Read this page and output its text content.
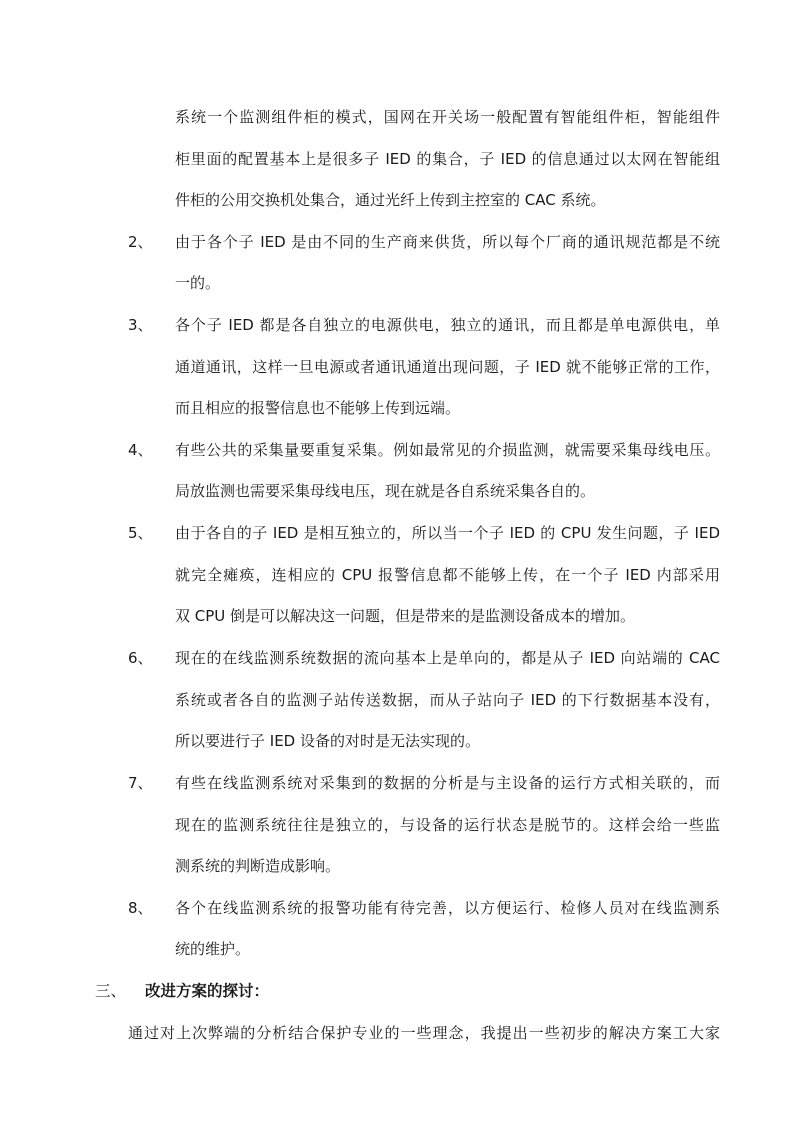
系统一个监测组件柜的模式，国网在开关场一般配置有智能组件柜，智能组件
柜里面的配置基本上是很多子 IED 的集合，子 IED 的信息通过以太网在智能组
件柜的公用交换机处集合，通过光纤上传到主控室的 CAC 系统。
2、 由于各个子 IED 是由不同的生产商来供货，所以每个厂商的通讯规范都是不统
一的。
3、 各个子 IED 都是各自独立的电源供电，独立的通讯，而且都是单电源供电，单
通道通讯，这样一旦电源或者通讯通道出现问题，子 IED 就不能够正常的工作，
而且相应的报警信息也不能够上传到远端。
4、 有些公共的采集量要重复采集。例如最常见的介损监测，就需要采集母线电压。
局放监测也需要采集母线电压，现在就是各自系统采集各自的。
5、 由于各自的子 IED 是相互独立的，所以当一个子 IED 的 CPU 发生问题，子 IED
就完全瘫痪，连相应的 CPU 报警信息都不能够上传，在一个子 IED 内部采用
双 CPU 倒是可以解决这一问题，但是带来的是监测设备成本的增加。
6、 现在的在线监测系统数据的流向基本上是单向的，都是从子 IED 向站端的 CAC
系统或者各自的监测子站传送数据，而从子站向子 IED 的下行数据基本没有，
所以要进行子 IED 设备的对时是无法实现的。
7、 有些在线监测系统对采集到的数据的分析是与主设备的运行方式相关联的，而
现在的监测系统往往是独立的，与设备的运行状态是脱节的。这样会给一些监
测系统的判断造成影响。
8、 各个在线监测系统的报警功能有待完善，以方便运行、检修人员对在线监测系
统的维护。
三、 改进方案的探讨：
通过对上次弊端的分析结合保护专业的一些理念，我提出一些初步的解决方案工大家
